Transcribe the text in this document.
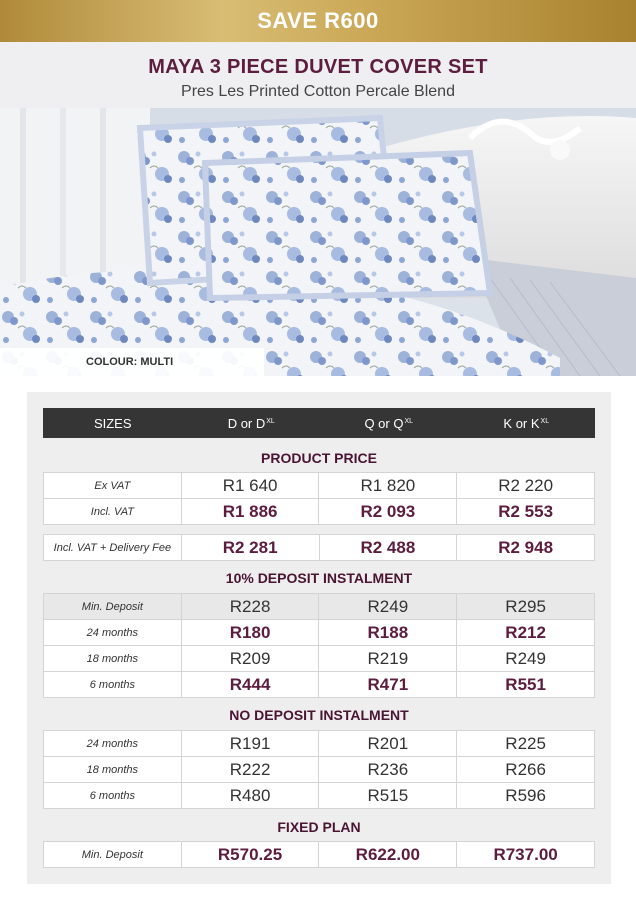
SAVE R600
MAYA 3 PIECE DUVET COVER SET
Pres Les Printed Cotton Percale Blend
COLOUR: MULTI
SIZES	D or $D^{XL}$	Q or $Q^{XL}$	K or $K^{XL}$
PRODUCT PRICE
Ex VAT	R1 640	R1 820	R2 220
Incl. VAT	R1 886	R2 093	R2 553
Incl. VAT + Delivery Fee	R2 281	R2 488	R2 948
10% DEPOSIT INSTALMENT
Min. Deposit	R228	R249	R295
24 months	R180	R188	R212
18 months	R209	R219	R249
6 months	R444	R471	R551
NO DEPOSIT INSTALMENT
24 months	R191	R201	R225
18 months	R222	R236	R266
6 months	R480	R515	R596
FIXED PLAN
Min. Deposit	R570.25	R622.00	R737.00
